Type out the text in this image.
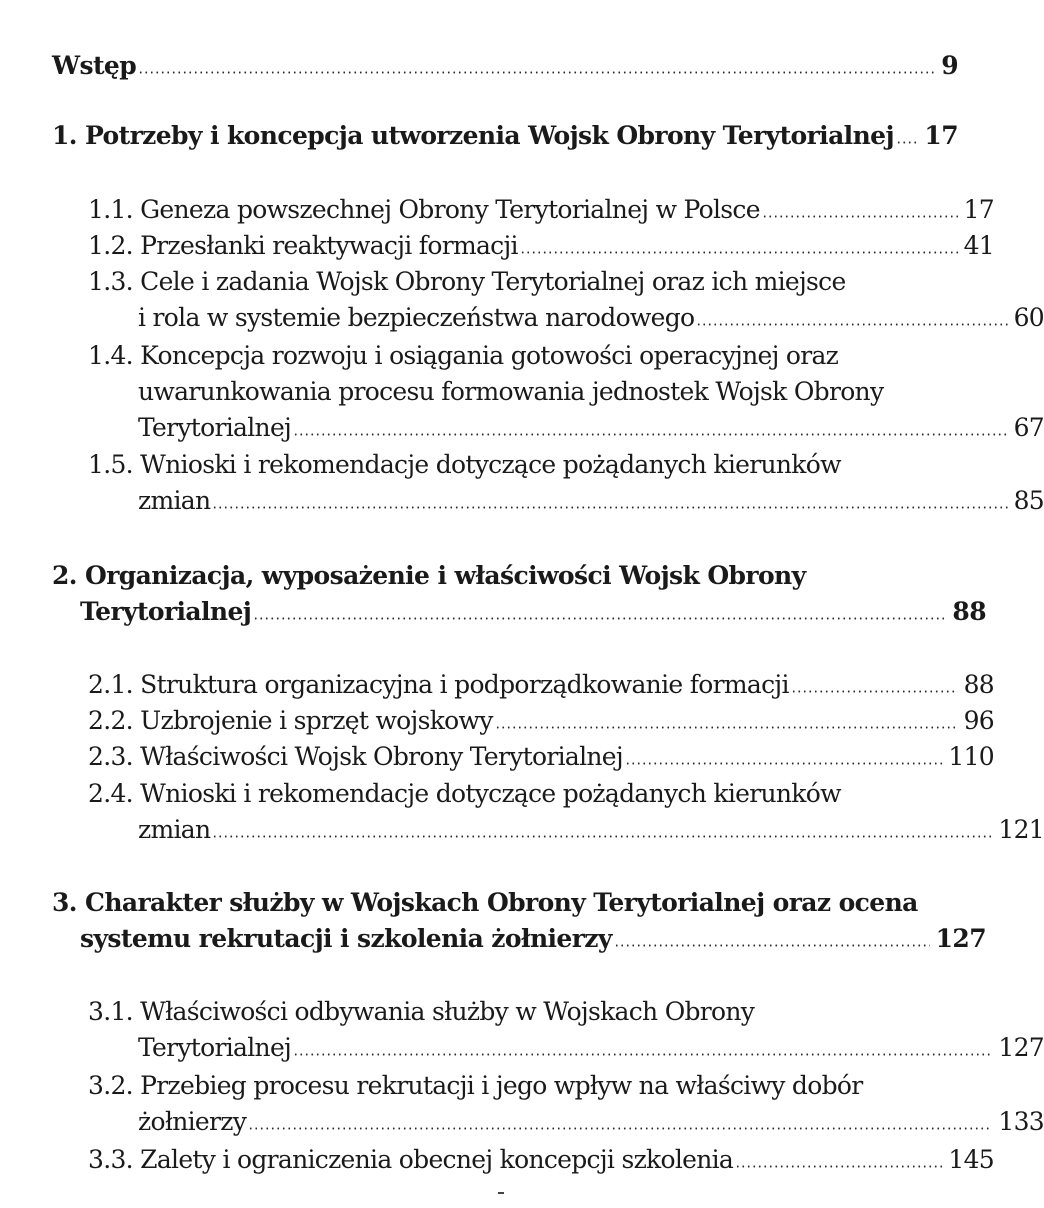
Wstęp	9
1. Potrzeby i koncepcja utworzenia Wojsk Obrony Terytorialnej 17
1.1. Geneza powszechnej Obrony Terytorialnej w Polsce	17
1.2. Przesłanki reaktywacji formacji	41
1.3. Cele i zadania Wojsk Obrony Terytorialnej oraz ich miejsce
i rola w systemie bezpieczeństwa narodowego	60
1.4. Koncepcja rozwoju i osiągania gotowości operacyjnej oraz
uwarunkowania procesu formowania jednostek Wojsk Obrony
Terytorialnej	67
1.5. Wnioski i rekomendacje dotyczące pożądanych kierunków
zmian	85
2. Organizacja, wyposażenie i właściwości Wojsk Obrony
Terytorialnej	88
2.1. Struktura organizacyjna i podporządkowanie formacji	88
2.2. Uzbrojenie i sprzęt wojskowy	96
2.3. Właściwości Wojsk Obrony Terytorialnej	110
2.4. Wnioski i rekomendacje dotyczące pożądanych kierunków
zmian	121
3. Charakter służby w Wojskach Obrony Terytorialnej oraz ocena
systemu rekrutacji i szkolenia żołnierzy	127
3.1. Właściwości odbywania służby w Wojskach Obrony
Terytorialnej	127
3.2. Przebieg procesu rekrutacji i jego wpływ na właściwy dobór
żołnierzy	133
3.3. Zalety i ograniczenia obecnej koncepcji szkolenia	145
